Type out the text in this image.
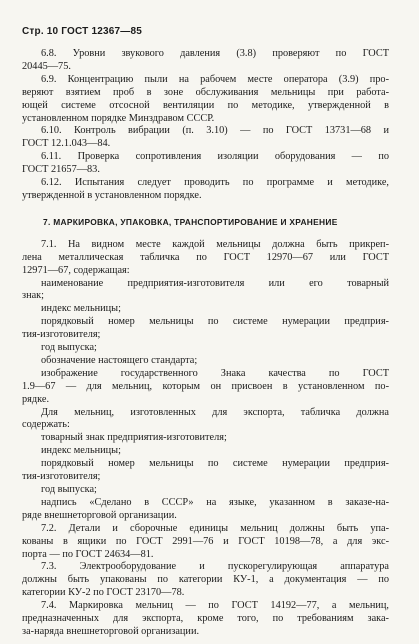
Стр. 10 ГОСТ 12367—85
6.8. Уровни звукового давления (3.8) проверяют по ГОСТ
20445—75.
6.9. Концентрацию пыли на рабочем месте оператора (3.9) про-
веряют взятием проб в зоне обслуживания мельницы при работа-
ющей системе отсосной вентиляции по методике, утвержденной в
установленном порядке Минздравом СССР.
6.10. Контроль вибрации (п. 3.10) — по ГОСТ 13731—68 и
ГОСТ 12.1.043—84.
6.11. Проверка сопротивления изоляции оборудования — по
ГОСТ 21657—83.
6.12. Испытания следует проводить по программе и методике,
утвержденной в установленном порядке.
7. МАРКИРОВКА, УПАКОВКА, ТРАНСПОРТИРОВАНИЕ И ХРАНЕНИЕ
7.1. На видном месте каждой мельницы должна быть прикреп-
лена металлическая табличка по ГОСТ 12970—67 или ГОСТ
12971—67, содержащая:
наименование предприятия-изготовителя или его товарный
знак;
индекс мельницы;
порядковый номер мельницы по системе нумерации предприя-
тия-изготовителя;
год выпуска;
обозначение настоящего стандарта;
изображение государственного Знака качества по ГОСТ
1.9—67 — для мельниц, которым он присвоен в установленном по-
рядке.
Для мельниц, изготовленных для экспорта, табличка должна
содержать:
товарный знак предприятия-изготовителя;
индекс мельницы;
порядковый номер мельницы по системе нумерации предприя-
тия-изготовителя;
год выпуска;
надпись «Сделано в СССР» на языке, указанном в заказе-на-
ряде внешнеторговой организации.
7.2. Детали и сборочные единицы мельниц должны быть упа-
кованы в ящики по ГОСТ 2991—76 и ГОСТ 10198—78, а для экс-
порта — по ГОСТ 24634—81.
7.3. Электрооборудование и пускорегулирующая аппаратура
должны быть упакованы по категории КУ-1, а документация — по
категории КУ-2 по ГОСТ 23170—78.
7.4. Маркировка мельниц — по ГОСТ 14192—77, а мельниц,
предназначенных для экспорта, кроме того, по требованиям зака-
за-наряда внешнеторговой организации.
